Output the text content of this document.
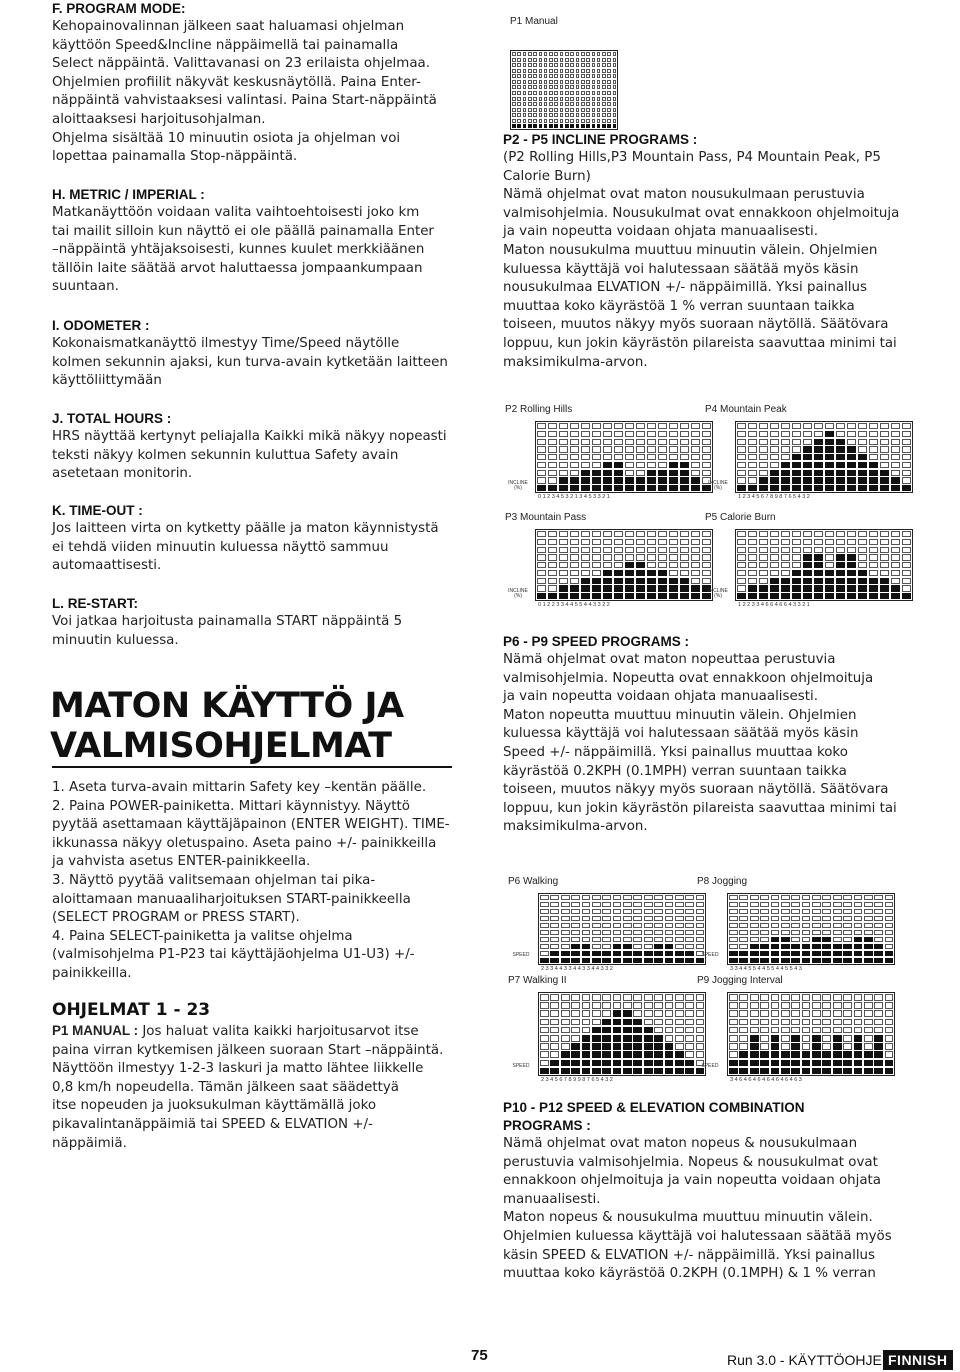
F. PROGRAM MODE:
Kehopainovalinnan jälkeen saat haluamasi ohjelman
käyttöön Speed&Incline näppäimellä tai painamalla
Select näppäintä. Valittavanasi on 23 erilaista ohjelmaa.
Ohjelmien profiilit näkyvät keskusnäytöllä. Paina Enter-
näppäintä vahvistaaksesi valintasi. Paina Start-näppäintä
aloittaaksesi harjoitusohjalman.
Ohjelma sisältää 10 minuutin osiota ja ohjelman voi
lopettaa painamalla Stop-näppäintä.
H. METRIC / IMPERIAL :
Matkanäyttöön voidaan valita vaihtoehtoisesti joko km
tai mailit silloin kun näyttö ei ole päällä painamalla Enter
–näppäintä yhtäjaksoisesti, kunnes kuulet merkkiäänen
tällöin laite säätää arvot haluttaessa jompaankumpaan
suuntaan.
I. ODOMETER :
Kokonaismatkanäyttö ilmestyy Time/Speed näytölle
kolmen sekunnin ajaksi, kun turva-avain kytketään laitteen
käyttöliittymään
J. TOTAL HOURS :
HRS näyttää kertynyt peliajalla Kaikki mikä näkyy nopeasti
teksti näkyy kolmen sekunnin kuluttua Safety avain
asetetaan monitorin.
K. TIME-OUT :
Jos laitteen virta on kytketty päälle ja maton käynnistystä
ei tehdä viiden minuutin kuluessa näyttö sammuu
automaattisesti.
L. RE-START:
Voi jatkaa harjoitusta painamalla START näppäintä 5
minuutin kuluessa.
MATON KÄYTTÖ JA
VALMISOHJELMAT
1. Aseta turva-avain mittarin Safety key –kentän päälle.
2. Paina POWER-painiketta. Mittari käynnistyy. Näyttö
pyytää asettamaan käyttäjäpainon (ENTER WEIGHT). TIME-
ikkunassa näkyy oletuspaino. Aseta paino +/- painikkeilla
ja vahvista asetus ENTER-painikkeella.
3. Näyttö pyytää valitsemaan ohjelman tai pika-
aloittamaan manuaaliharjoituksen START-painikkeella
(SELECT PROGRAM or PRESS START).
4. Paina SELECT-painiketta ja valitse ohjelma
(valmisohjelma P1-P23 tai käyttäjäohjelma U1-U3) +/-
painikkeilla.
OHJELMAT 1 - 23
P1 MANUAL : Jos haluat valita kaikki harjoitusarvot itse
paina virran kytkemisen jälkeen suoraan Start –näppäintä.
Näyttöön ilmestyy 1-2-3 laskuri ja matto lähtee liikkelle
0,8 km/h nopeudella. Tämän jälkeen saat säädettyä
itse nopeuden ja juoksukulman käyttämällä joko
pikavalintanäppäimiä tai SPEED & ELVATION +/-
näppäimiä.
P2 - P5 INCLINE PROGRAMS :
(P2 Rolling Hills,P3 Mountain Pass, P4 Mountain Peak, P5
Calorie Burn)
Nämä ohjelmat ovat maton nousukulmaan perustuvia
valmisohjelmia. Nousukulmat ovat ennakkoon ohjelmoituja
ja vain nopeutta voidaan ohjata manuaalisesti.
Maton nousukulma muuttuu minuutin välein. Ohjelmien
kuluessa käyttäjä voi halutessaan säätää myös käsin
nousukulmaa ELVATION +/- näppäimillä. Yksi painallus
muuttaa koko käyrästöä 1 % verran suuntaan taikka
toiseen, muutos näkyy myös suoraan näytöllä. Säätövara
loppuu, kun jokin käyrästön pilareista saavuttaa minimi tai
maksimikulma-arvon.
P6 - P9 SPEED PROGRAMS :
Nämä ohjelmat ovat maton nopeuttaa perustuvia
valmisohjelmia. Nopeutta ovat ennakkoon ohjelmoituja
ja vain nopeutta voidaan ohjata manuaalisesti.
Maton nopeutta muuttuu minuutin välein. Ohjelmien
kuluessa käyttäjä voi halutessaan säätää myös käsin
Speed +/- näppäimillä. Yksi painallus muuttaa koko
käyrästöä 0.2KPH (0.1MPH) verran suuntaan taikka
toiseen, muutos näkyy myös suoraan näytöllä. Säätövara
loppuu, kun jokin käyrästön pilareista saavuttaa minimi tai
maksimikulma-arvon.
P10 - P12 SPEED & ELEVATION COMBINATION
PROGRAMS :
Nämä ohjelmat ovat maton nopeus & nousukulmaan
perustuvia valmisohjelmia. Nopeus & nousukulmat ovat
ennakkoon ohjelmoituja ja vain nopeutta voidaan ohjata
manuaalisesti.
Maton nopeus & nousukulma muuttuu minuutin välein.
Ohjelmien kuluessa käyttäjä voi halutessaan säätää myös
käsin SPEED & ELVATION +/- näppäimillä. Yksi painallus
muuttaa koko käyrästöä 0.2KPH (0.1MPH) & 1 % verran
P1 Manual
P2 Rolling Hills
INCLINE (%)
0 1 2 3 4 5 3 2 1 3 4 5 3 3 2 1
P4 Mountain Peak
INCLINE (%)
1 2 3 4 5 6 7 8 9 8 7 6 5 4 3 2
P3 Mountain Pass
INCLINE (%)
0 1 2 2 3 3 4 4 5 5 4 4 3 3 2 2
P5 Calorie Burn
INCLINE (%)
1 2 2 3 3 4 6 6 4 6 6 4 3 3 2 1
P6 Walking
SPEED
2 3 3 4 4 3 3 4 4 3 3 4 4 3 3 2
P8 Jogging
SPEED
3 3 4 4 5 5 4 4 5 5 4 4 5 5 4 3
P7 Walking II
SPEED
2 3 4 5 6 7 8 9 9 8 7 6 5 4 3 2
P9 Jogging Interval
SPEED
3 4 6 4 6 4 6 4 6 4 6 4 6 4 6 3
75	Run 3.0 - KÄYTTÖOHJE FINNISH
